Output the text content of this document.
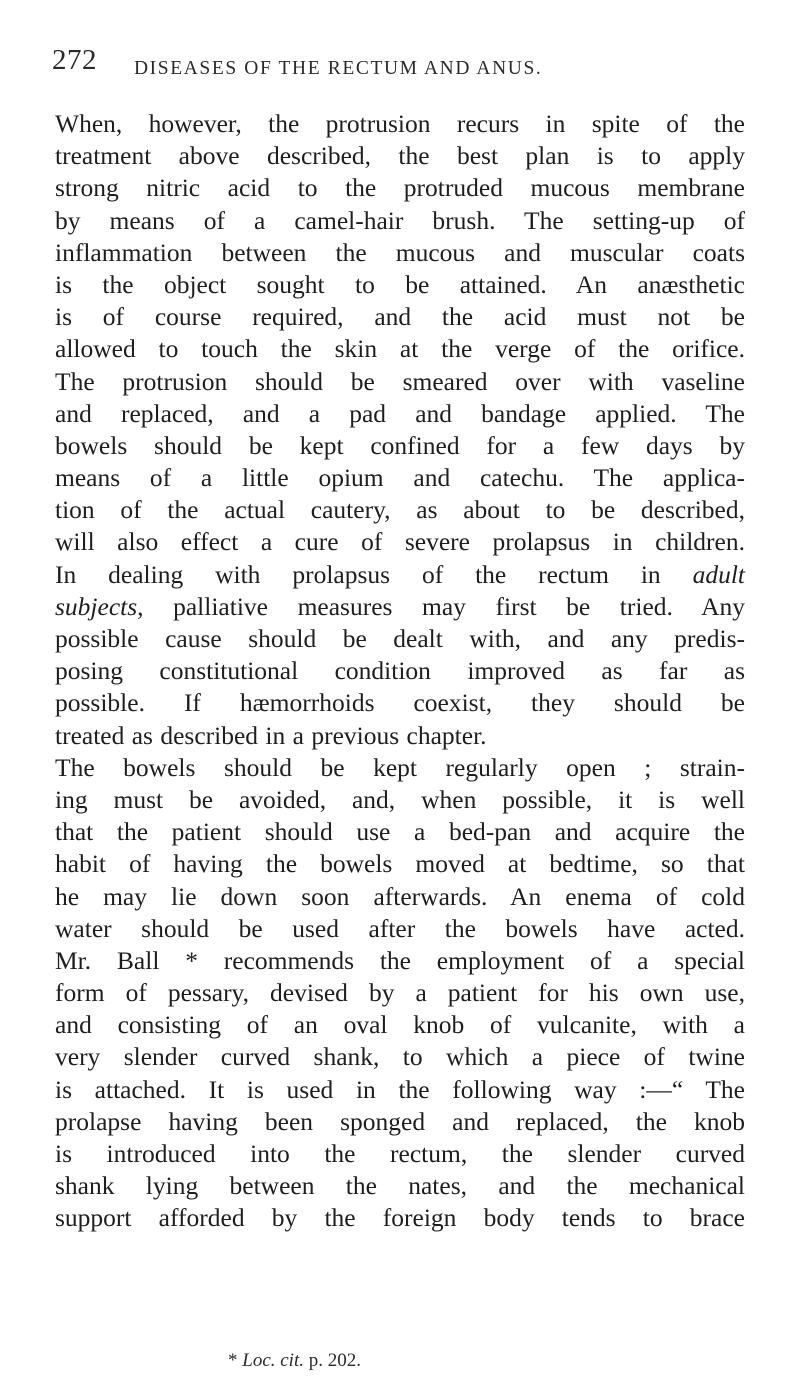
272 DISEASES OF THE RECTUM AND ANUS.
When, however, the protrusion recurs in spite of the
treatment above described, the best plan is to apply
strong nitric acid to the protruded mucous membrane
by means of a camel-hair brush. The setting-up of
inflammation between the mucous and muscular coats
is the object sought to be attained. An anæsthetic
is of course required, and the acid must not be
allowed to touch the skin at the verge of the orifice.
The protrusion should be smeared over with vaseline
and replaced, and a pad and bandage applied. The
bowels should be kept confined for a few days by
means of a little opium and catechu. The applica-
tion of the actual cautery, as about to be described,
will also effect a cure of severe prolapsus in children.
In dealing with prolapsus of the rectum in adult
subjects, palliative measures may first be tried. Any
possible cause should be dealt with, and any predis-
posing constitutional condition improved as far as
possible. If hæmorrhoids coexist, they should be
treated as described in a previous chapter.
The bowels should be kept regularly open ; strain-
ing must be avoided, and, when possible, it is well
that the patient should use a bed-pan and acquire the
habit of having the bowels moved at bedtime, so that
he may lie down soon afterwards. An enema of cold
water should be used after the bowels have acted.
Mr. Ball * recommends the employment of a special
form of pessary, devised by a patient for his own use,
and consisting of an oval knob of vulcanite, with a
very slender curved shank, to which a piece of twine
is attached. It is used in the following way :—“ The
prolapse having been sponged and replaced, the knob
is introduced into the rectum, the slender curved
shank lying between the nates, and the mechanical
support afforded by the foreign body tends to brace
* Loc. cit. p. 202.
